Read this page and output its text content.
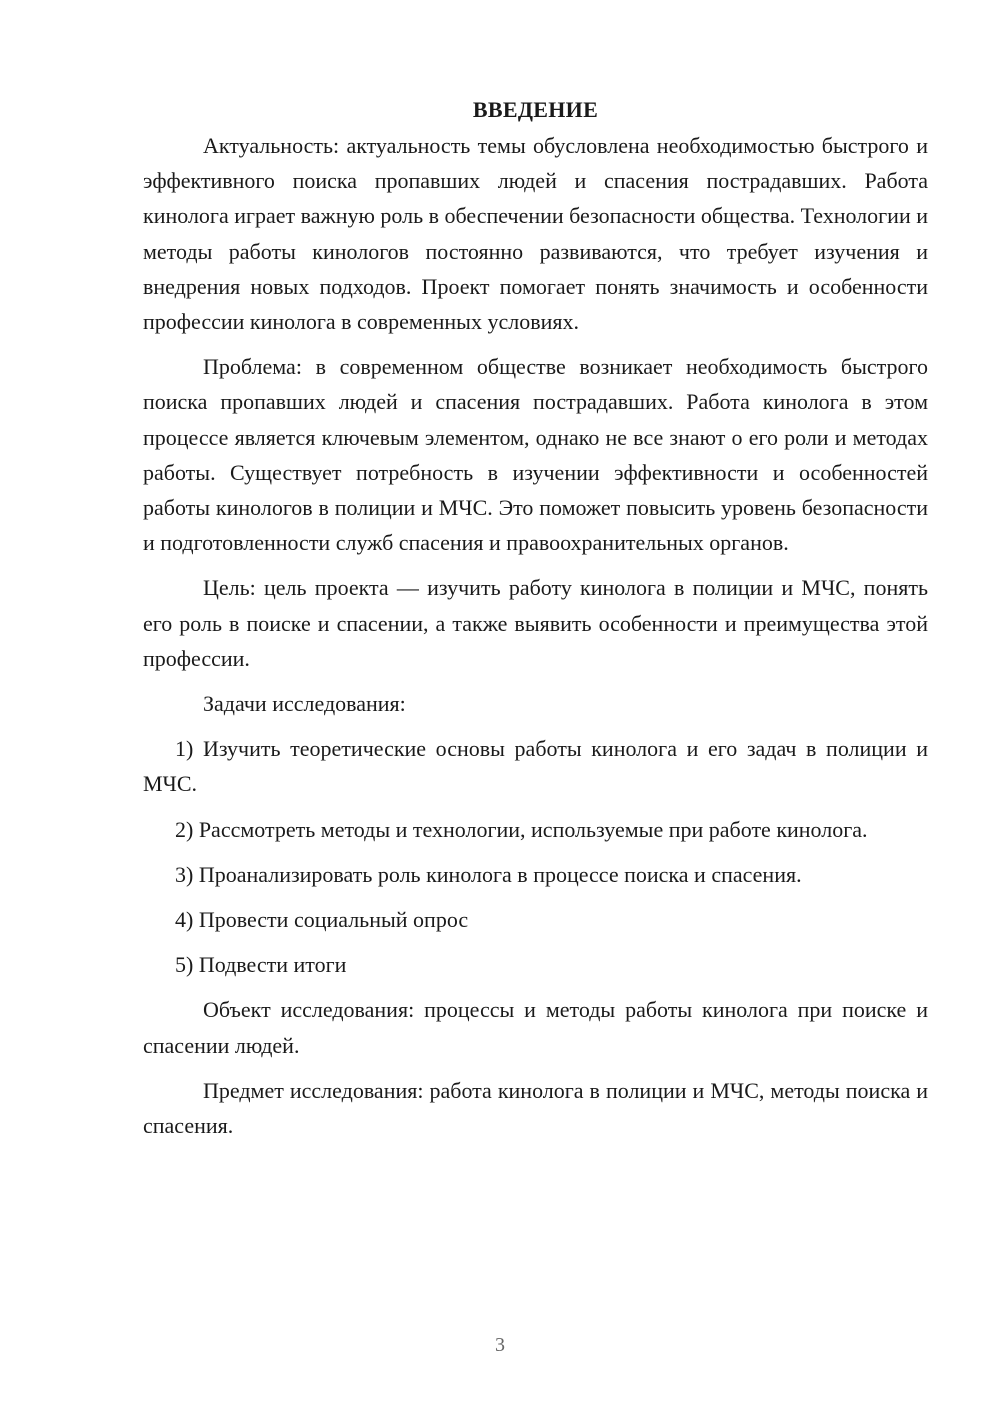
ВВЕДЕНИЕ

Актуальность: актуальность темы обусловлена необходимостью быстрого и эффективного поиска пропавших людей и спасения пострадавших. Работа кинолога играет важную роль в обеспечении безопасности общества. Технологии и методы работы кинологов постоянно развиваются, что требует изучения и внедрения новых подходов. Проект помогает понять значимость и особенности профессии кинолога в современных условиях.

Проблема: в современном обществе возникает необходимость быстрого поиска пропавших людей и спасения пострадавших. Работа кинолога в этом процессе является ключевым элементом, однако не все знают о его роли и методах работы. Существует потребность в изучении эффективности и особенностей работы кинологов в полиции и МЧС. Это поможет повысить уровень безопасности и подготовленности служб спасения и правоохранительных органов.

Цель: цель проекта — изучить работу кинолога в полиции и МЧС, понять его роль в поиске и спасении, а также выявить особенности и преимущества этой профессии.

Задачи исследования:

1) Изучить теоретические основы работы кинолога и его задач в полиции и МЧС.

2) Рассмотреть методы и технологии, используемые при работе кинолога.

3) Проанализировать роль кинолога в процессе поиска и спасения.

4) Провести социальный опрос

5) Подвести итоги

Объект исследования: процессы и методы работы кинолога при поиске и спасении людей.

Предмет исследования: работа кинолога в полиции и МЧС, методы поиска и спасения.

3
